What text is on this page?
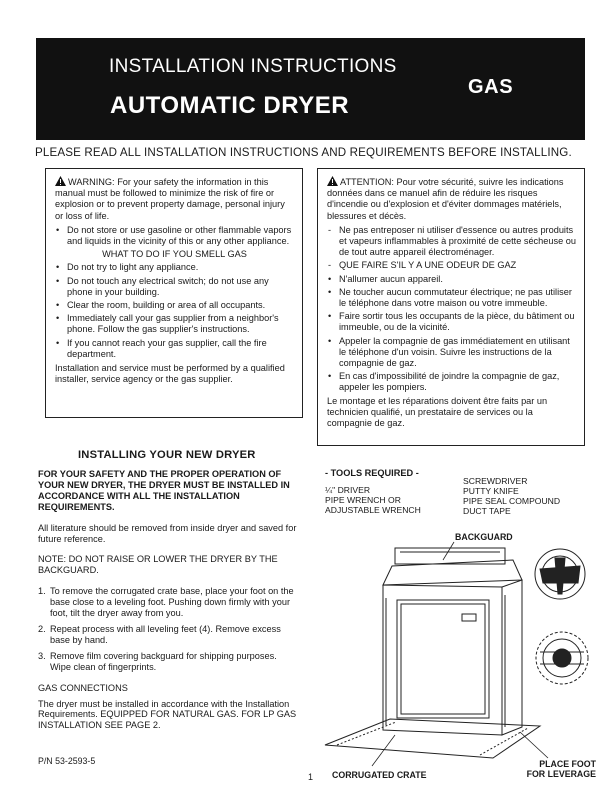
INSTALLATION INSTRUCTIONS
AUTOMATIC DRYER
GAS
PLEASE READ ALL INSTALLATION INSTRUCTIONS AND REQUIREMENTS BEFORE INSTALLING.

WARNING: For your safety the information in this manual must be followed to minimize the risk of fire or explosion or to prevent property damage, personal injury or loss of life.

• Do not store or use gasoline or other flammable vapors and liquids in the vicinity of this or any other appliance.
WHAT TO DO IF YOU SMELL GAS
• Do not try to light any appliance.
• Do not touch any electrical switch; do not use any phone in your building.
• Clear the room, building or area of all occupants.
• Immediately call your gas supplier from a neighbor's phone. Follow the gas supplier's instructions.
• If you cannot reach your gas supplier, call the fire department.

Installation and service must be performed by a qualified installer, service agency or the gas supplier.

ATTENTION: Pour votre sécurité, suivre les indications données dans ce manuel afin de réduire les risques d'incendie ou d'explosion et d'éviter dommages matériels, blessures et décès.

- Ne pas entreposer ni utiliser d'essence ou autres produits et vapeurs inflammables à proximité de cette sécheuse ou de tout autre appareil électroménager.
- QUE FAIRE S'IL Y A UNE ODEUR DE GAZ
• N'allumer aucun appareil.
• Ne toucher aucun commutateur électrique; ne pas utiliser le téléphone dans votre maison ou votre immeuble.
• Faire sortir tous les occupants de la pièce, du bâtiment ou immeuble, ou de la vicinité.
• Appeler la compagnie de gas immédiatement en utilisant le téléphone d'un voisin. Suivre les instructions de la compagnie de gaz.
• En cas d'impossibilité de joindre la compagnie de gaz, appeler les pompiers.

Le montage et les réparations doivent être faits par un technicien qualifié, un prestataire de services ou la compagnie de gaz.

INSTALLING YOUR NEW DRYER
FOR YOUR SAFETY AND THE PROPER OPERATION OF YOUR NEW DRYER, THE DRYER MUST BE INSTALLED IN ACCORDANCE WITH ALL THE INSTALLATION REQUIREMENTS.

All literature should be removed from inside dryer and saved for future reference.

NOTE: DO NOT RAISE OR LOWER THE DRYER BY THE BACKGUARD.

1. To remove the corrugated crate base, place your foot on the base close to a leveling foot. Pushing down firmly with your foot, tilt the dryer away from you.
2. Repeat process with all leveling feet (4). Remove excess base by hand.
3. Remove film covering backguard for shipping purposes. Wipe clean of fingerprints.
GAS CONNECTIONS
The dryer must be installed in accordance with the Installation Requirements. EQUIPPED FOR NATURAL GAS. FOR LP GAS INSTALLATION SEE PAGE 2.
P/N 53-2593-5
1
- TOOLS REQUIRED -
¼" DRIVER
PIPE WRENCH OR
ADJUSTABLE WRENCH
SCREWDRIVER
PUTTY KNIFE
PIPE SEAL COMPOUND
DUCT TAPE
BACKGUARD
CORRUGATED CRATE
PLACE FOOT
FOR LEVERAGE
